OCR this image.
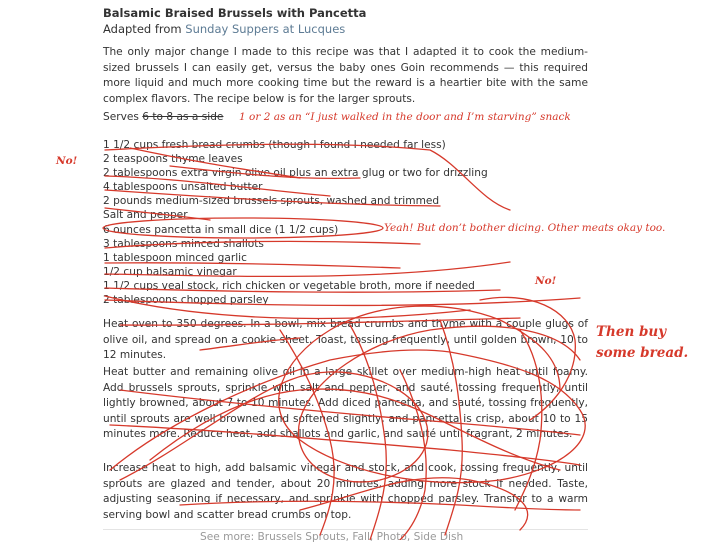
Balsamic Braised Brussels with Pancetta
Adapted from Sunday Suppers at Lucques

The only major change I made to this recipe was that I adapted it to cook the medium-sized brussels I can easily get, versus the baby ones Goin recommends — this required more liquid and much more cooking time but the reward is a heartier bite with the same complex flavors. The recipe below is for the larger sprouts.

Serves 6 to 8 as a side
1 1/2 cups fresh bread crumbs (though I found I needed far less)
2 teaspoons thyme leaves
2 tablespoons extra virgin olive oil plus an extra glug or two for drizzling
4 tablespoons unsalted butter
2 pounds medium-sized brussels sprouts, washed and trimmed
Salt and pepper
6 ounces pancetta in small dice (1 1/2 cups)
3 tablespoons minced shallots
1 tablespoon minced garlic
1/2 cup balsamic vinegar
1 1/2 cups veal stock, rich chicken or vegetable broth, more if needed
2 tablespoons chopped parsley

Heat oven to 350 degrees. In a bowl, mix bread crumbs and thyme with a couple glugs of olive oil, and spread on a cookie sheet. Toast, tossing frequently, until golden brown, 10 to 12 minutes.

Heat butter and remaining olive oil in a large skillet over medium-high heat until foamy. Add brussels sprouts, sprinkle with salt and pepper, and sauté, tossing frequently, until lightly browned, about 7 to 10 minutes. Add diced pancetta, and sauté, tossing frequently, until sprouts are well browned and softened slightly, and pancetta is crisp, about 10 to 15 minutes more. Reduce heat, add shallots and garlic, and sauté until fragrant, 2 minutes.

Increase heat to high, add balsamic vinegar and stock, and cook, tossing frequently, until sprouts are glazed and tender, about 20 minutes, adding more stock if needed. Taste, adjusting seasoning if necessary, and sprinkle with chopped parsley. Transfer to a warm serving bowl and scatter bread crumbs on top.

See more: Brussels Sprouts, Fall, Photo, Side Dish
1 or 2 as an “I just walked in the door and I’m starving” snack
No!
Yeah! But don’t bother dicing. Other meats okay too.
No!
Then buy
some bread.
